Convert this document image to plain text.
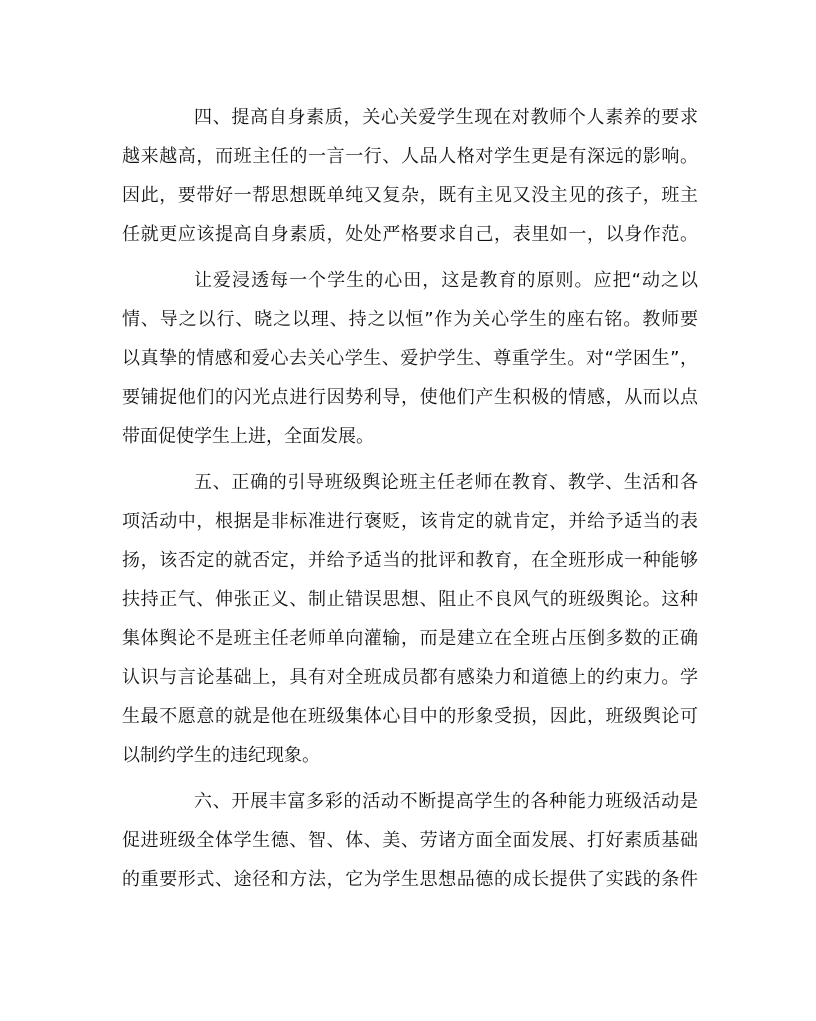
四、提高自身素质，关心关爱学生现在对教师个人素养的要求
越来越高，而班主任的一言一行、人品人格对学生更是有深远的影响。
因此，要带好一帮思想既单纯又复杂，既有主见又没主见的孩子，班主
任就更应该提高自身素质，处处严格要求自己，表里如一，以身作范。
让爱浸透每一个学生的心田，这是教育的原则。应把“动之以
情、导之以行、晓之以理、持之以恒”作为关心学生的座右铭。教师要
以真挚的情感和爱心去关心学生、爱护学生、尊重学生。对“学困生”，
要铺捉他们的闪光点进行因势利导，使他们产生积极的情感，从而以点
带面促使学生上进，全面发展。
五、正确的引导班级舆论班主任老师在教育、教学、生活和各
项活动中，根据是非标准进行褒贬，该肯定的就肯定，并给予适当的表
扬，该否定的就否定，并给予适当的批评和教育，在全班形成一种能够
扶持正气、伸张正义、制止错误思想、阻止不良风气的班级舆论。这种
集体舆论不是班主任老师单向灌输，而是建立在全班占压倒多数的正确
认识与言论基础上，具有对全班成员都有感染力和道德上的约束力。学
生最不愿意的就是他在班级集体心目中的形象受损，因此，班级舆论可
以制约学生的违纪现象。
六、开展丰富多彩的活动不断提高学生的各种能力班级活动是
促进班级全体学生德、智、体、美、劳诸方面全面发展、打好素质基础
的重要形式、途径和方法，它为学生思想品德的成长提供了实践的条件
